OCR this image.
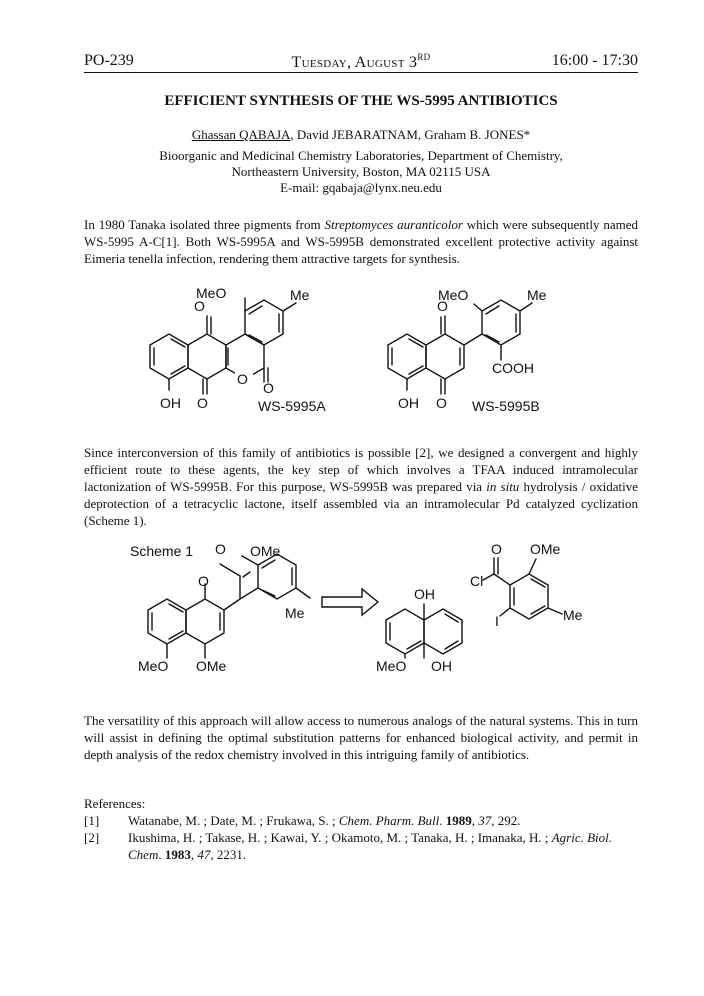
PO-239	Tuesday, August 3RD	16:00 - 17:30
EFFICIENT SYNTHESIS OF THE WS-5995 ANTIBIOTICS
Ghassan QABAJA, David JEBARATNAM, Graham B. JONES*
Bioorganic and Medicinal Chemistry Laboratories, Department of Chemistry,
Northeastern University, Boston, MA 02115 USA
E-mail: gqabaja@lynx.neu.edu
In 1980 Tanaka isolated three pigments from Streptomyces auranticolor which were subsequently named WS-5995 A-C[1]. Both WS-5995A and WS-5995B demonstrated excellent protective activity against Eimeria tenella infection, rendering them attractive targets for synthesis.
O
O
O
OH
O
MeO	Me
WS-5995A
O
O
OH
MeO	Me
COOH
WS-5995B
Since interconversion of this family of antibiotics is possible [2], we designed a convergent and highly efficient route to these agents, the key step of which involves a TFAA induced intramolecular lactonization of WS-5995B. For this purpose, WS-5995B was prepared via in situ hydrolysis / oxidative deprotection of a tetracyclic lactone, itself assembled via an intramolecular Pd catalyzed cyclization (Scheme 1).
Scheme 1
O
O OMe
Me
MeO OMe
OH
MeO OH
O OMe
Cl
I	Me
The versatility of this approach will allow access to numerous analogs of the natural systems. This in turn will assist in defining the optimal substitution patterns for enhanced biological activity, and permit in depth analysis of the redox chemistry involved in this intriguing family of antibiotics.
References:
[1] Watanabe, M. ; Date, M. ; Frukawa, S. ; Chem. Pharm. Bull. 1989, 37, 292.
[2] Ikushima, H. ; Takase, H. ; Kawai, Y. ; Okamoto, M. ; Tanaka, H. ; Imanaka, H. ; Agric. Biol. Chem. 1983, 47, 2231.
